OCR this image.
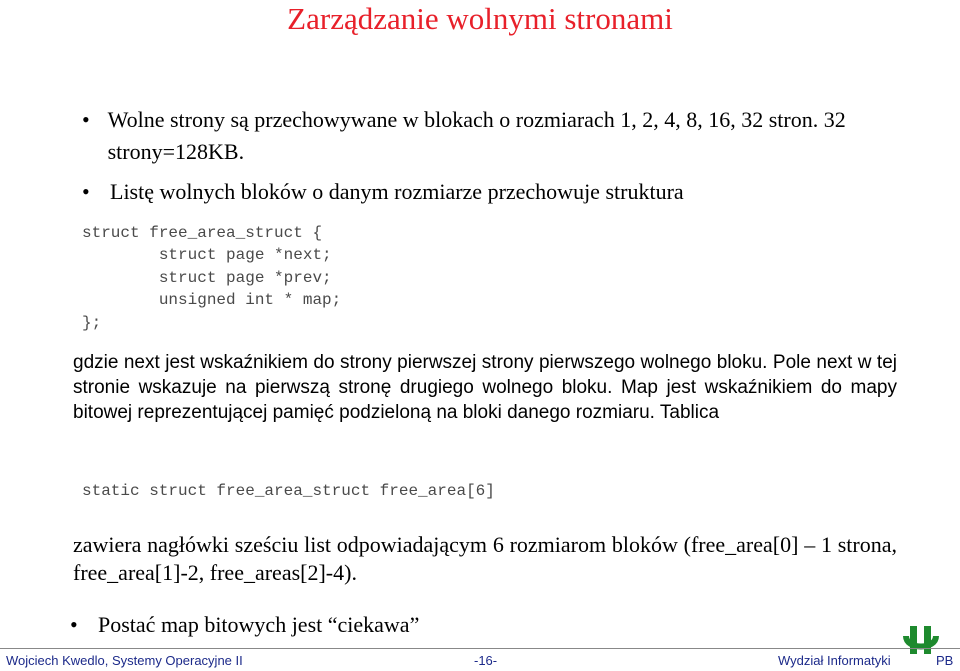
Zarządzanie wolnymi stronami
• Wolne strony są przechowywane w blokach o rozmiarach 1, 2, 4, 8, 16, 32 stron. 32 strony=128KB.
• Listę wolnych bloków o danym rozmiarze przechowuje struktura
struct free_area_struct {
struct page *next;
struct page *prev;
unsigned int * map;
};
gdzie next jest wskaźnikiem do strony pierwszej strony pierwszego wolnego bloku. Pole next w tej stronie wskazuje na pierwszą stronę drugiego wolnego bloku. Map jest wskaźnikiem do mapy bitowej reprezentującej pamięć podzieloną na bloki danego rozmiaru. Tablica
static struct free_area_struct free_area[6]
zawiera nagłówki sześciu list odpowiadającym 6 rozmiarom bloków (free_area[0] – 1 strona, free_area[1]-2, free_areas[2]-4).
• Postać map bitowych jest “ciekawa”
Wojciech Kwedlo, Systemy Operacyjne II	-16-	Wydział Informatyki	PB
